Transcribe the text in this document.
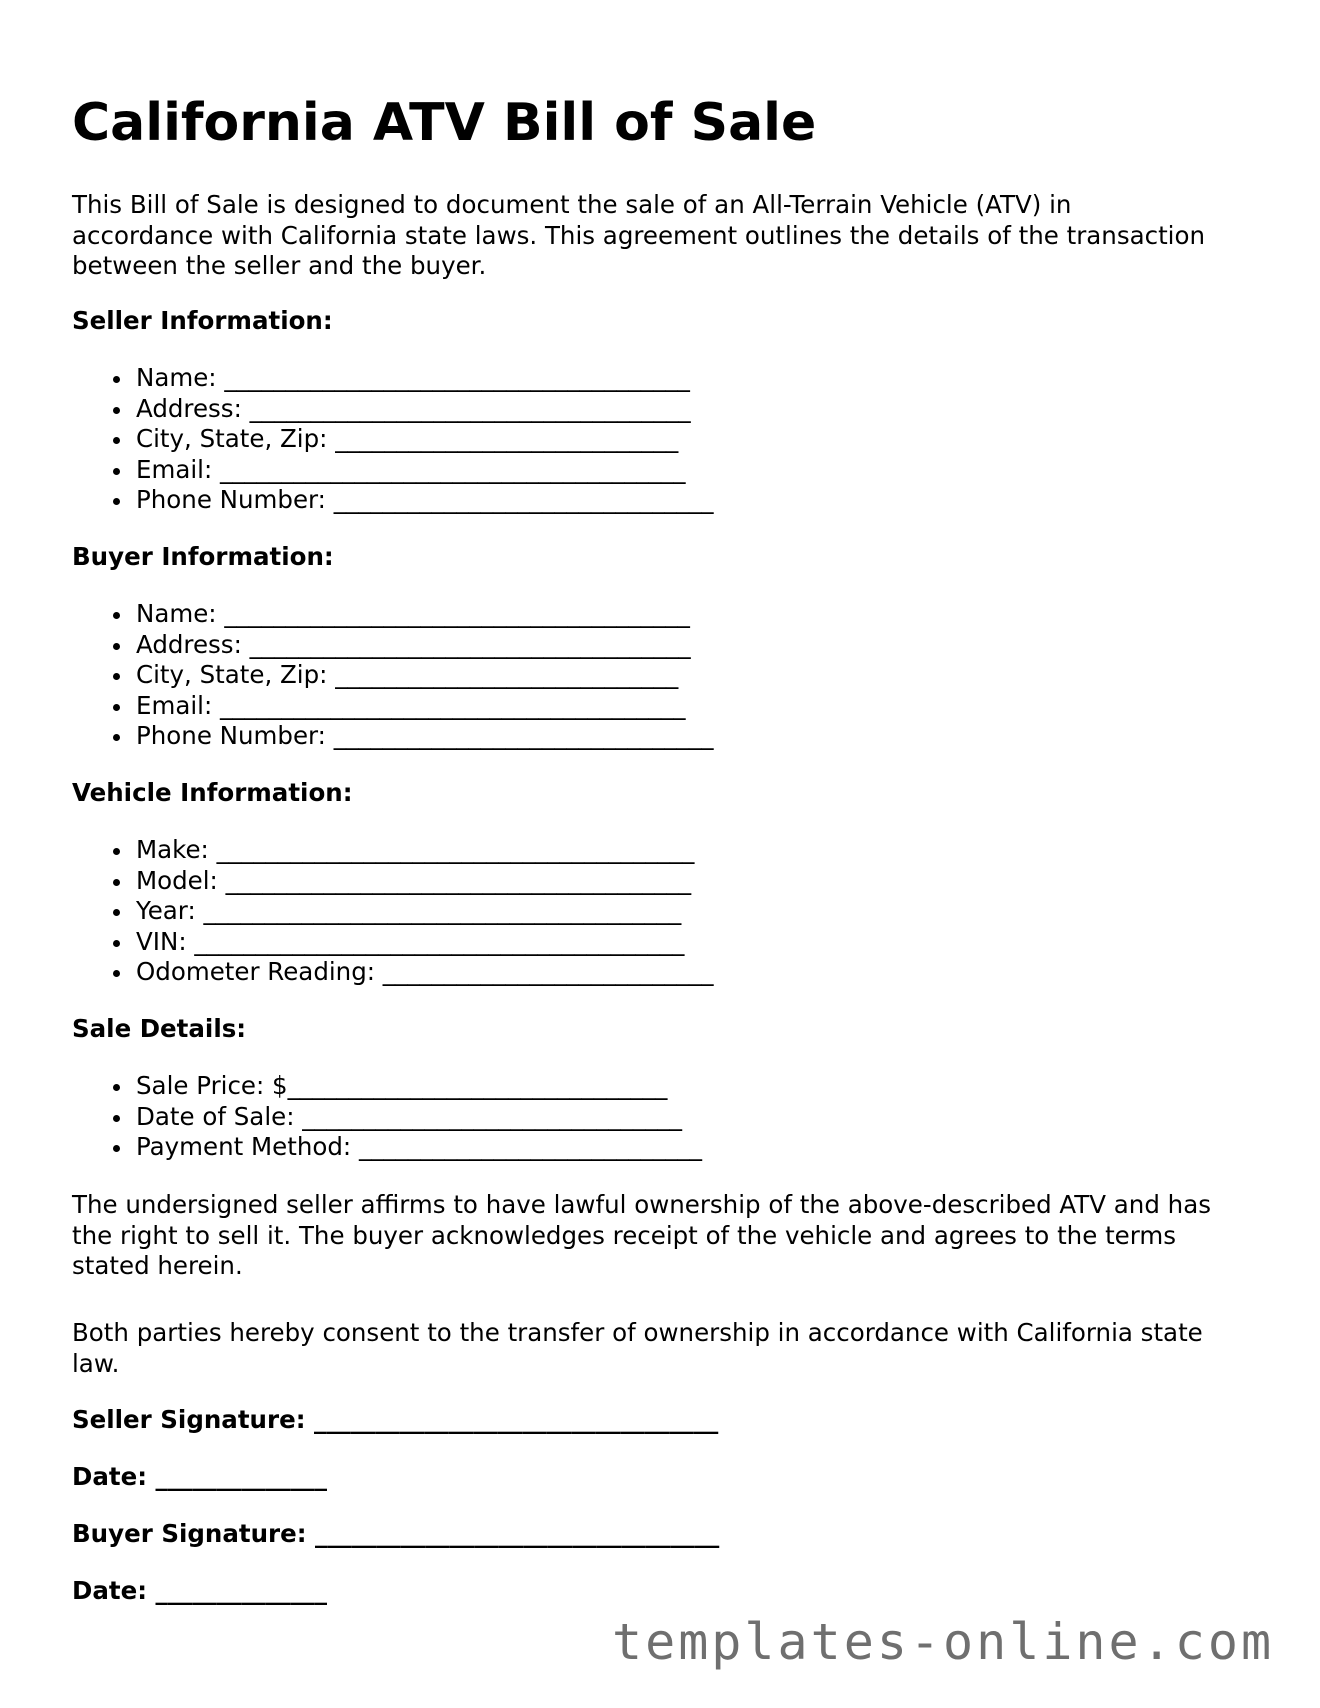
California ATV Bill of Sale

This Bill of Sale is designed to document the sale of an All-Terrain Vehicle (ATV) in accordance with California state laws. This agreement outlines the details of the transaction between the seller and the buyer.

Seller Information:

Name: ______________________________________
Address: ____________________________________
City, State, Zip: ____________________________
Email: ______________________________________
Phone Number: _______________________________

Buyer Information:

Name: ______________________________________
Address: ____________________________________
City, State, Zip: ____________________________
Email: ______________________________________
Phone Number: _______________________________

Vehicle Information:

Make: _______________________________________
Model: ______________________________________
Year: _______________________________________
VIN: ________________________________________
Odometer Reading: ___________________________

Sale Details:

Sale Price: $_______________________________
Date of Sale: _______________________________
Payment Method: ____________________________

The undersigned seller affirms to have lawful ownership of the above-described ATV and has the right to sell it. The buyer acknowledges receipt of the vehicle and agrees to the terms stated herein.

Both parties hereby consent to the transfer of ownership in accordance with California state law.

Seller Signature: _________________________________

Date: ______________

Buyer Signature: _________________________________

Date: ______________

templates-online.com
